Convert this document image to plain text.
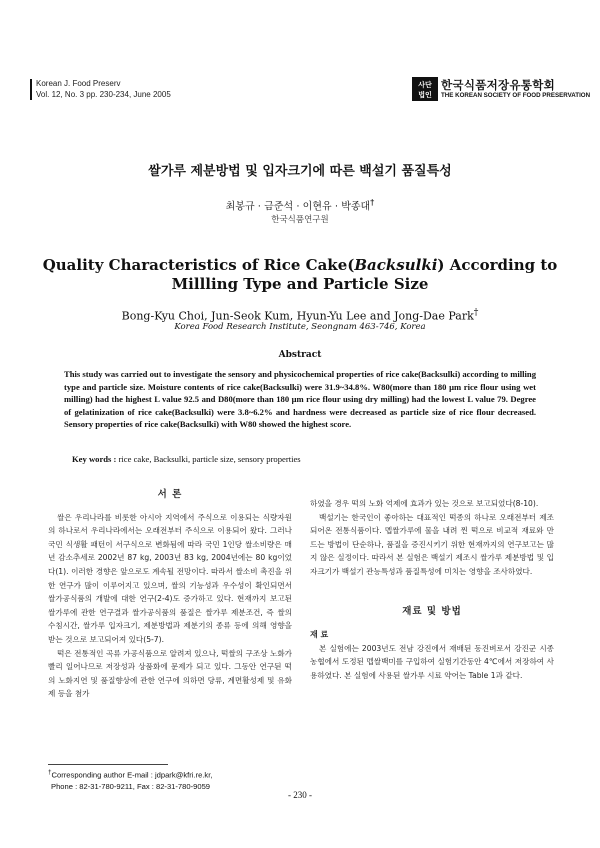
Korean J. Food Preserv
Vol. 12, No. 3 pp. 230-234, June 2005
사단
법인
한국식품저장유통학회
THE KOREAN SOCIETY OF FOOD PRESERVATION
쌀가루 제분방법 및 입자크기에 따른 백설기 품질특성
최봉규 · 금준석 · 이현유 · 박종대†
한국식품연구원
Quality Characteristics of Rice Cake(Backsulki) According to
Millling Type and Particle Size
Bong-Kyu Choi, Jun-Seok Kum, Hyun-Yu Lee and Jong-Dae Park†
Korea Food Research Institute, Seongnam 463-746, Korea
Abstract

This study was carried out to investigate the sensory and physicochemical properties of rice cake(Backsulki) according to milling type and particle size. Moisture contents of rice cake(Backsulki) were 31.9~34.8%. W80(more than 180 μm rice flour using wet milling) had the highest L value 92.5 and D80(more than 180 μm rice flour using dry milling) had the lowest L value 79. Degree of gelatinization of rice cake(Backsulki) were 3.8~6.2% and hardness were decreased as particle size of rice flour decreased. Sensory properties of rice cake(Backsulki) with W80 showed the highest score.

Key words : rice cake, Backsulki, particle size, sensory properties
서 론

쌀은 우리나라를 비롯한 아시아 지역에서 주식으로 이용되는 식량자원의 하나로서 우리나라에서는 오래전부터 주식으로 이용되어 왔다. 그러나 국민 식생활 패턴이 서구식으로 변화됨에 따라 국민 1인당 쌀소비량은 매년 감소추세로 2002년 87 kg, 2003년 83 kg, 2004년에는 80 kg이었다(1). 이러한 경향은 앞으로도 계속될 전망이다. 따라서 쌀소비 촉진을 위한 연구가 많이 이루어지고 있으며, 쌀의 기능성과 우수성이 확인되면서 쌀가공식품의 개발에 대한 연구(2-4)도 증가하고 있다. 현재까지 보고된 쌀가루에 관한 연구결과 쌀가공식품의 품질은 쌀가루 제분조건, 즉 쌀의 수침시간, 쌀가루 입자크기, 제분방법과 제분기의 종류 등에 의해 영향을 받는 것으로 보고되어져 있다(5-7).

떡은 전통적인 곡류 가공식품으로 알려져 있으나, 떡쌀의 구조상 노화가 빨리 일어나므로 저장성과 상품화에 문제가 되고 있다. 그동안 연구된 떡의 노화지연 및 품질향상에 관한 연구에 의하면 당류, 계면활성제 및 유화제 등을 첨가

하였을 경우 떡의 노화 억제에 효과가 있는 것으로 보고되었다(8-10).

백설기는 한국인이 좋아하는 대표적인 떡종의 하나로 오래전부터 제조되어온 전통식품이다. 멥쌀가루에 물을 내려 찐 떡으로 비교적 재료와 만드는 방법이 단순하나, 품질을 증진시키기 위한 현재까지의 연구보고는 많지 않은 실정이다. 따라서 본 실험은 백설기 제조시 쌀가루 제분방법 및 입자크기가 백설기 관능특성과 품질특성에 미치는 영향을 조사하였다.

재료 및 방법
재 료

본 실험에는 2003년도 전남 강진에서 재배된 동진벼로서 강진군 시종농협에서 도정된 멥쌀백미를 구입하여 실험기간동안 4℃에서 저장하여 사용하였다. 본 실험에 사용된 쌀가루 시료 약어는 Table 1과 같다.

†Corresponding author E-mail : jdpark@kfri.re.kr,
Phone : 82-31-780-9211, Fax : 82-31-780-9059
- 230 -
